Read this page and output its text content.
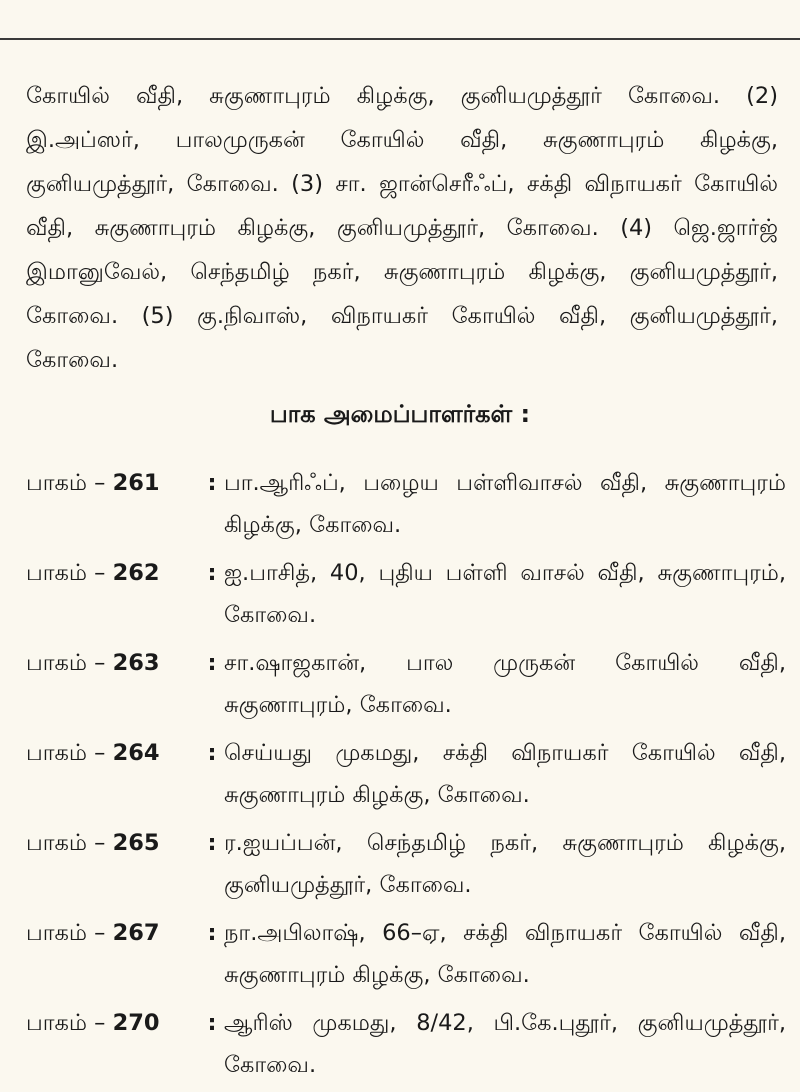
கோயில் வீதி, சுகுணாபுரம் கிழக்கு, குனியமுத்தூர் கோவை. (2) இ.அப்ஸர், பாலமுருகன் கோயில் வீதி, சுகுணாபுரம் கிழக்கு, குனியமுத்தூர், கோவை. (3) சா. ஜான்செரீஃப், சக்தி விநாயகர் கோயில் வீதி, சுகுணாபுரம் கிழக்கு, குனியமுத்தூர், கோவை. (4) ஜெ.ஜார்ஜ் இமானுவேல், செந்தமிழ் நகர், சுகுணாபுரம் கிழக்கு, குனியமுத்தூர், கோவை. (5) கு.நிவாஸ், விநாயகர் கோயில் வீதி, குனியமுத்தூர், கோவை.

பாக அமைப்பாளர்கள் :
பாகம் – 261	: பா.ஆரிஃப், பழைய பள்ளிவாசல் வீதி, சுகுணாபுரம் கிழக்கு, கோவை.
பாகம் – 262	: ஐ.பாசித், 40, புதிய பள்ளி வாசல் வீதி, சுகுணாபுரம், கோவை.
பாகம் – 263	: சா.ஷாஜகான், பால முருகன் கோயில் வீதி, சுகுணாபுரம், கோவை.
பாகம் – 264	: செய்யது முகமது, சக்தி விநாயகர் கோயில் வீதி, சுகுணாபுரம் கிழக்கு, கோவை.
பாகம் – 265	: ர.ஐயப்பன், செந்தமிழ் நகர், சுகுணாபுரம் கிழக்கு, குனியமுத்தூர், கோவை.
பாகம் – 267	: நா.அபிலாஷ், 66–ஏ, சக்தி விநாயகர் கோயில் வீதி, சுகுணாபுரம் கிழக்கு, கோவை.
பாகம் – 270	: ஆரிஸ் முகமது, 8/42, பி.கே.புதூர், குனியமுத்தூர், கோவை.
